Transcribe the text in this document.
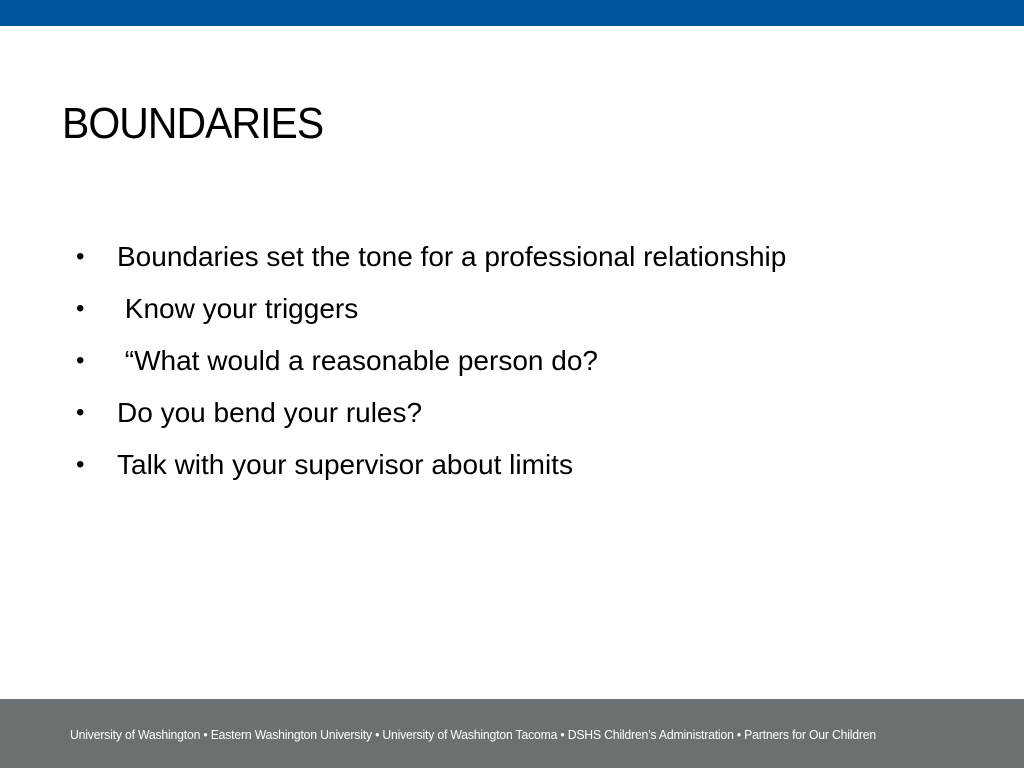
BOUNDARIES

•

	Boundaries set the tone for a professional relationship

•

	Know your triggers

•

	“What would a reasonable person do?

•

	Do you bend your rules?

•

	Talk with your supervisor about limits

University of Washington • Eastern Washington University • University of Washington Tacoma • DSHS Children’s Administration • Partners for Our Children
